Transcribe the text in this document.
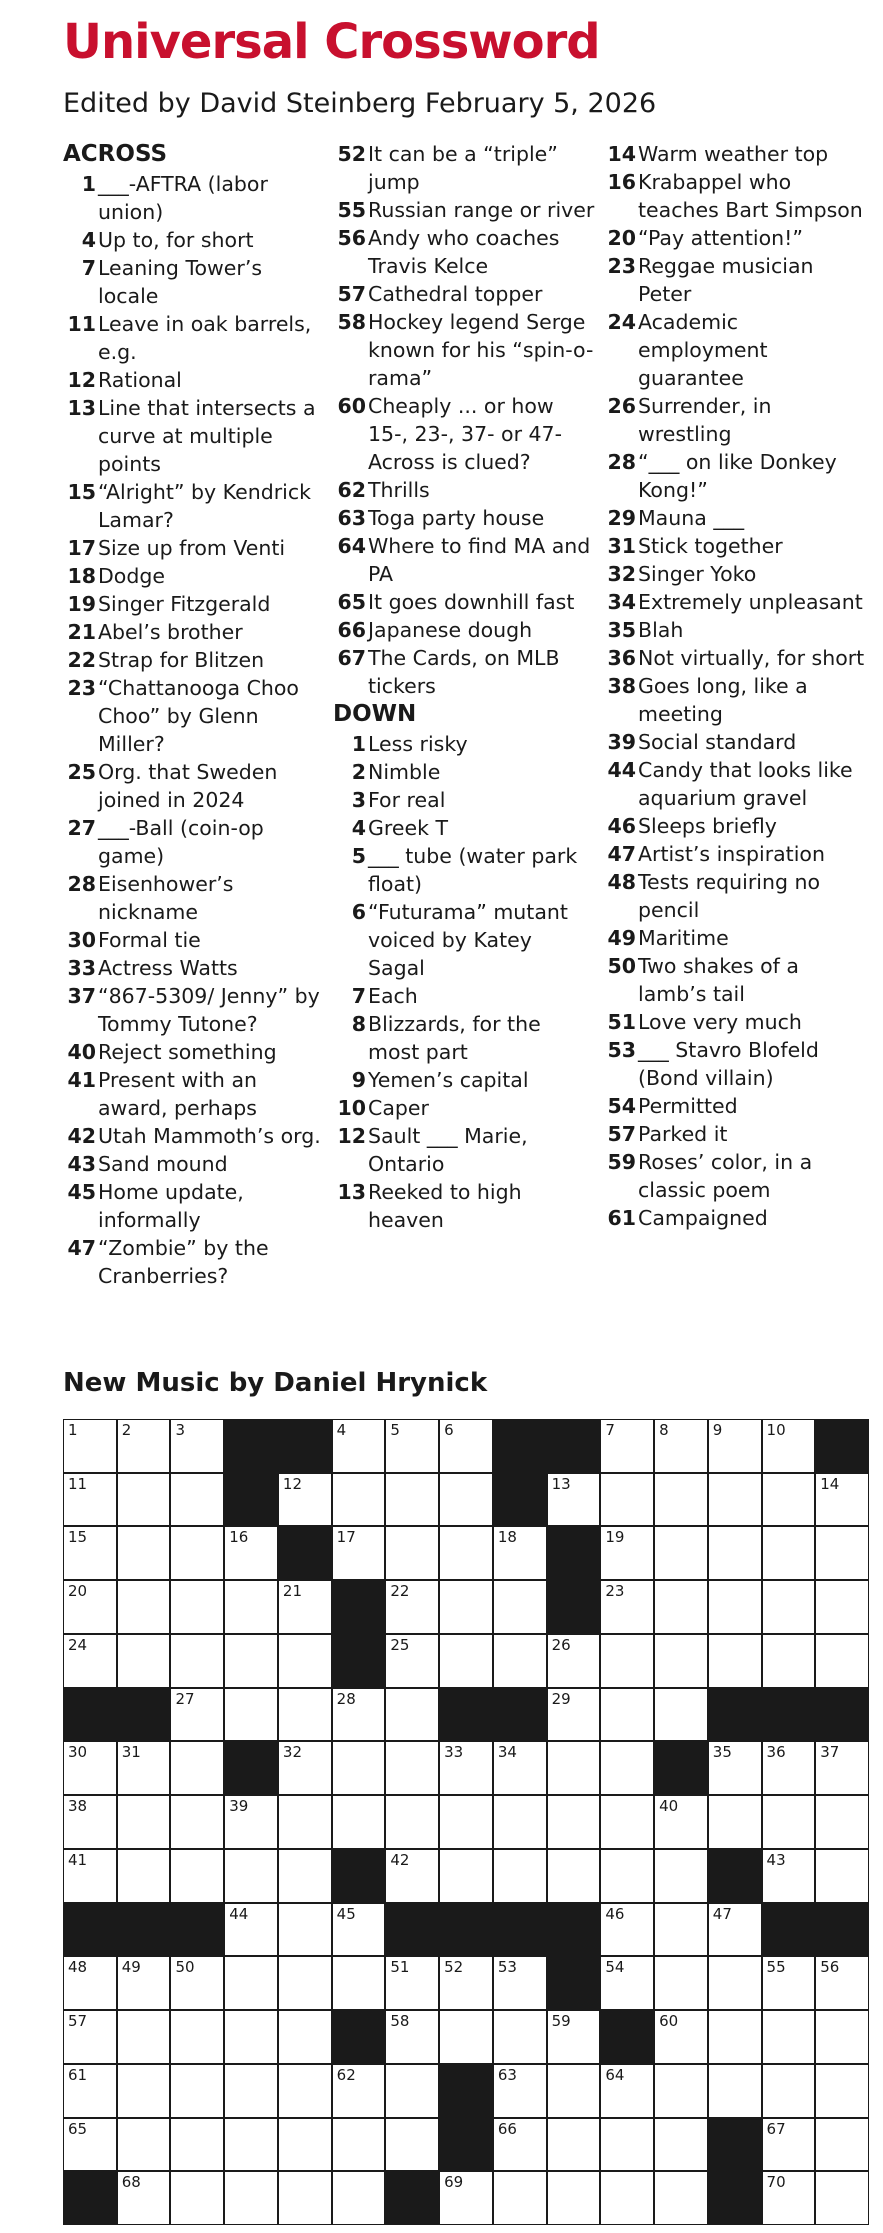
Universal Crossword
Edited by David Steinberg February 5, 2026
ACROSS
1 ___-AFTRA (labor union)
4 Up to, for short
7 Leaning Tower’s locale
11 Leave in oak barrels, e.g.
12 Rational
13 Line that intersects a curve at multiple points
15 “Alright” by Kendrick Lamar?
17 Size up from Venti
18 Dodge
19 Singer Fitzgerald
21 Abel’s brother
22 Strap for Blitzen
23 “Chattanooga Choo Choo” by Glenn Miller?
25 Org. that Sweden joined in 2024
27 ___-Ball (coin-op game)
28 Eisenhower’s nickname
30 Formal tie
33 Actress Watts
37 “867-5309/ Jenny” by Tommy Tutone?
40 Reject something
41 Present with an award, perhaps
42 Utah Mammoth’s org.
43 Sand mound
45 Home update, informally
47 “Zombie” by the Cranberries?
52 It can be a “triple” jump
55 Russian range or river
56 Andy who coaches Travis Kelce
57 Cathedral topper
58 Hockey legend Serge known for his “spin-o-rama”
60 Cheaply ... or how 15-, 23-, 37- or 47-Across is clued?
62 Thrills
63 Toga party house
64 Where to find MA and PA
65 It goes downhill fast
66 Japanese dough
67 The Cards, on MLB tickers
DOWN
1 Less risky
2 Nimble
3 For real
4 Greek T
5 ___ tube (water park float)
6 “Futurama” mutant voiced by Katey Sagal
7 Each
8 Blizzards, for the most part
9 Yemen’s capital
10 Caper
12 Sault ___ Marie, Ontario
13 Reeked to high heaven
14 Warm weather top
16 Krabappel who teaches Bart Simpson
20 “Pay attention!”
23 Reggae musician Peter
24 Academic employment guarantee
26 Surrender, in wrestling
28 “___ on like Donkey Kong!”
29 Mauna ___
31 Stick together
32 Singer Yoko
34 Extremely unpleasant
35 Blah
36 Not virtually, for short
38 Goes long, like a meeting
39 Social standard
44 Candy that looks like aquarium gravel
46 Sleeps briefly
47 Artist’s inspiration
48 Tests requiring no pencil
49 Maritime
50 Two shakes of a lamb’s tail
51 Love very much
53 ___ Stavro Blofeld (Bond villain)
54 Permitted
57 Parked it
59 Roses’ color, in a classic poem
61 Campaigned
New Music by Daniel Hrynick
1	2	3	4	5	6	7	8	9	10
11	12	13	14
15	16	17	18	19
20	21	22	23
24	25	26
27	28	29
30 31	32	33 34	35 36 37
38	39	40
41	42	43
44	45	46	47
48 49 50	51 52 53	54	55 56
57	58	59	60
61	62	63	64
65	66	67
68	69	70
